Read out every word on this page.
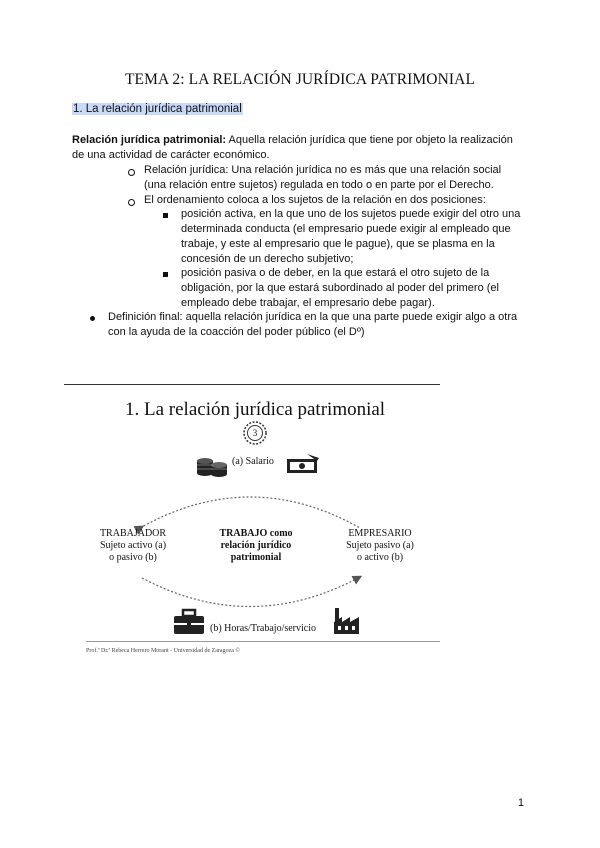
TEMA 2: LA RELACIÓN JURÍDICA PATRIMONIAL
1. La relación jurídica patrimonial
Relación jurídica patrimonial: Aquella relación jurídica que tiene por objeto la realización
de una actividad de carácter económico.
Relación jurídica: Una relación jurídica no es más que una relación social
(una relación entre sujetos) regulada en todo o en parte por el Derecho.
El ordenamiento coloca a los sujetos de la relación en dos posiciones:
posición activa, en la que uno de los sujetos puede exigir del otro una
determinada conducta (el empresario puede exigir al empleado que
trabaje, y este al empresario que le pague), que se plasma en la
concesión de un derecho subjetivo;
posición pasiva o de deber, en la que estará el otro sujeto de la
obligación, por la que estará subordinado al poder del primero (el
empleado debe trabajar, el empresario debe pagar).
Definición final: aquella relación jurídica en la que una parte puede exigir algo a otra
con la ayuda de la coacción del poder público (el Dº)
1. La relación jurídica patrimonial
3
(a) Salario
TRABAJADOR
Sujeto activo (a)
o pasivo (b)
TRABAJO como
relación jurídico
patrimonial
EMPRESARIO
Sujeto pasivo (a)
o activo (b)
(b) Horas/Trabajo/servicio
Prof.ª Dr.ª Rebeca Herrero Morant - Universidad de Zaragoza ©
1
